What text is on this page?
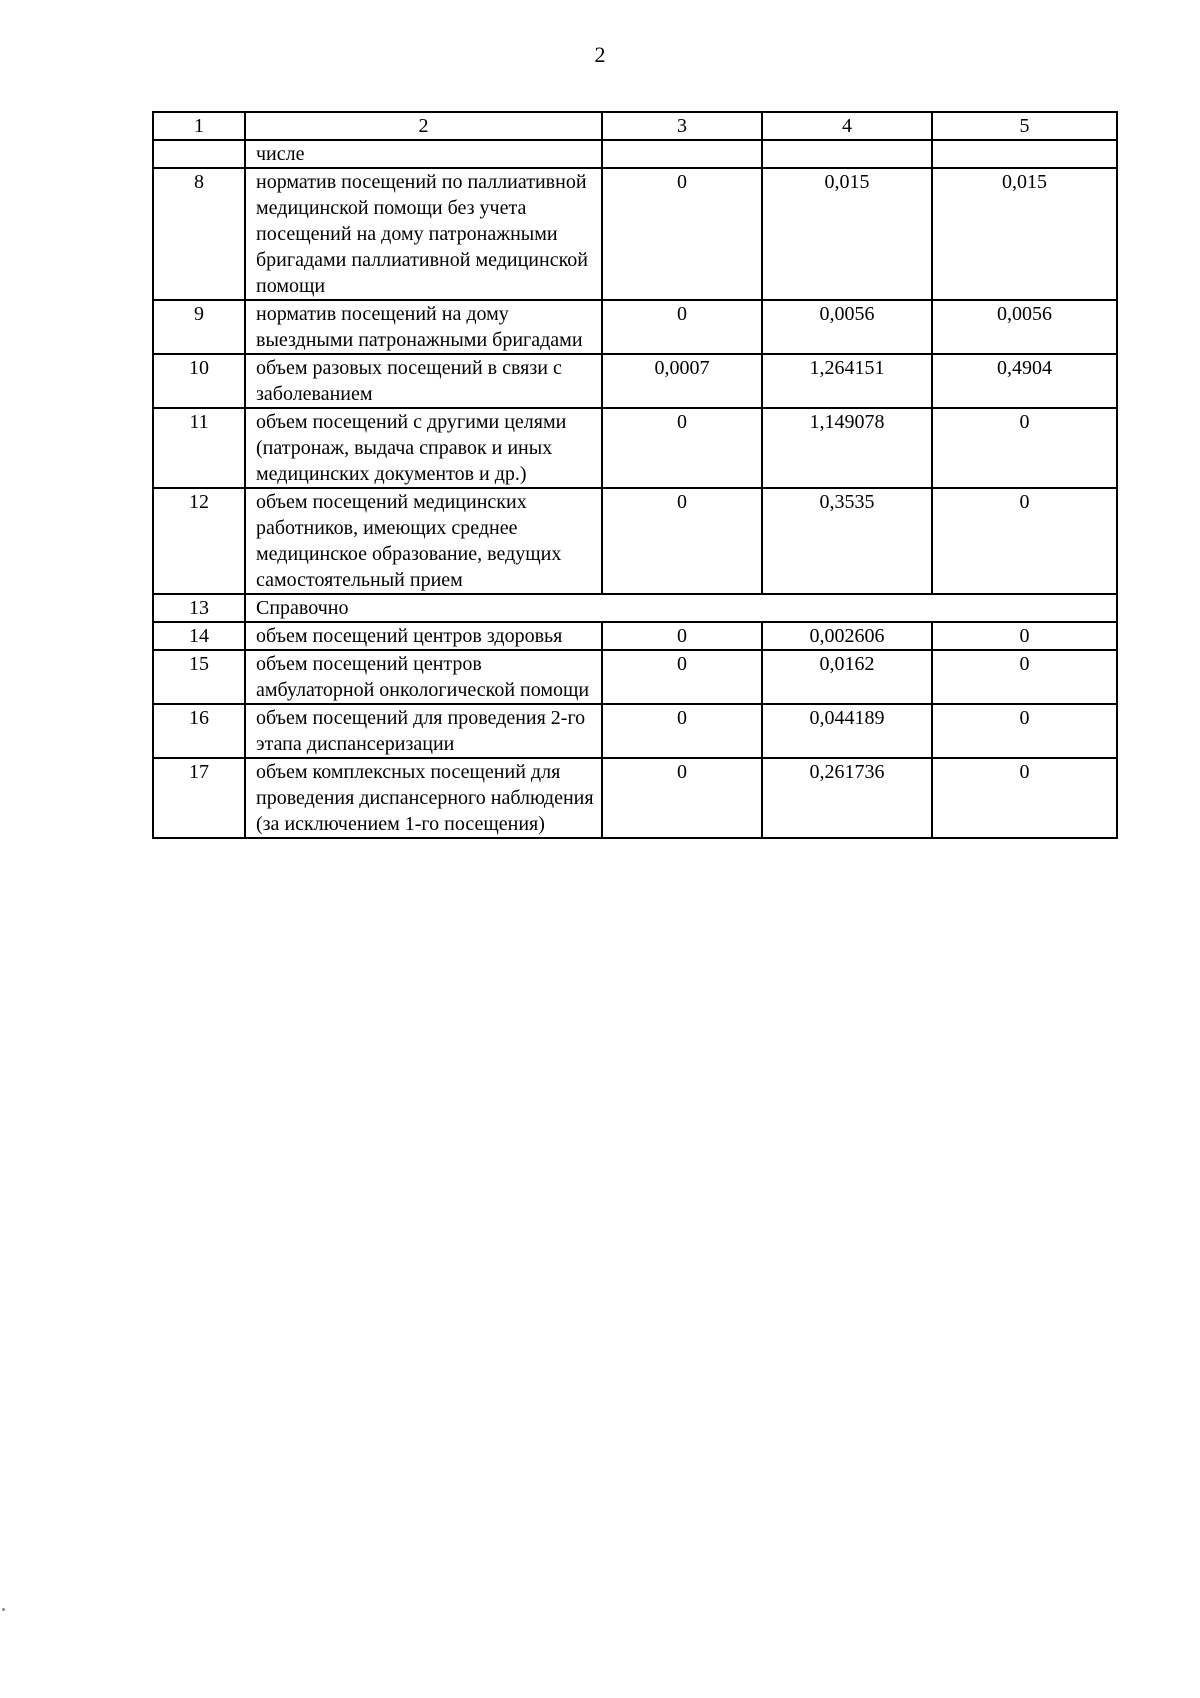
2
1	2	3	4	5
	числе			
8	норматив посещений по паллиативной медицинской помощи без учета посещений на дому патронажными бригадами паллиативной медицинской помощи	0	0,015	0,015
9	норматив посещений на дому выездными патронажными бригадами	0	0,0056	0,0056
10	объем разовых посещений в связи с заболеванием	0,0007	1,264151	0,4904
11	объем посещений с другими целями (патронаж, выдача справок и иных медицинских документов и др.)	0	1,149078	0
12	объем посещений медицинских работников, имеющих среднее медицинское образование, ведущих самостоятельный прием	0	0,3535	0
13	Справочно			
14	объем посещений центров здоровья	0	0,002606	0
15	объем посещений центров амбулаторной онкологической помощи	0	0,0162	0
16	объем посещений для проведения 2-го этапа диспансеризации	0	0,044189	0
17	объем комплексных посещений для проведения диспансерного наблюдения (за исключением 1-го посещения)	0	0,261736	0
